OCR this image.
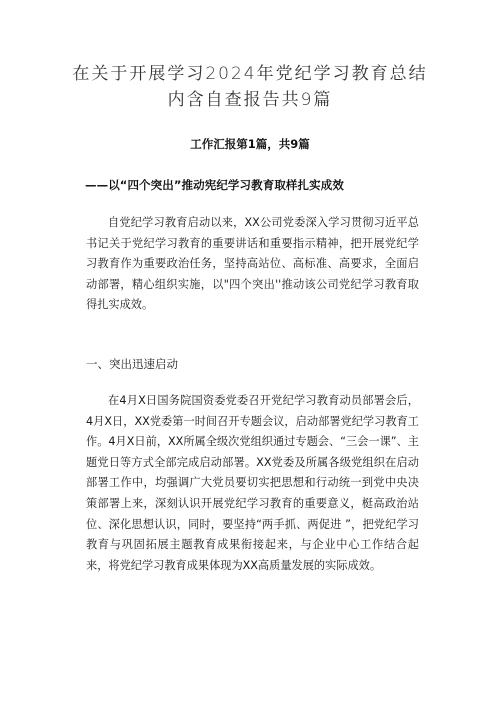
在关于开展学习2024年党纪学习教育总结
内含自查报告共9篇
工作汇报第1篇，共9篇
——以“四个突出”推动宪纪学习教育取样扎实成效
自党纪学习教育启动以来，XX公司党委深入学习贯彻习近平总书记关于党纪学习教育的重要讲话和重要指示精神，把开展党纪学习教育作为重要政治任务，坚持高站位、高标准、高要求，全面启动部署，精心组织实施，以"四个突出''推动该公司党纪学习教育取得扎实成效。
一、突出迅速启动
在4月X日国务院国资委党委召开党纪学习教育动员部署会后，4月X日，XX党委第一时间召开专题会议，启动部署党纪学习教育工作。4月X日前，XX所属全级次党组织通过专题会、“三会一课”、主题党日等方式全部完成启动部署。XX党委及所属各级党组织在启动部署工作中，均强调广大党员要切实把思想和行动统一到党中央决策部署上来，深刻认识开展党纪学习教育的重要意义，梃高政治站位、深化思想认识，同时，要坚持“两手抓、两促进 ”，把党纪学习教育与巩固拓展主题教育成果衔接起来，与企业中心工作结合起来，将党纪学习教育成果体现为XX高质量发展的实际成效。
